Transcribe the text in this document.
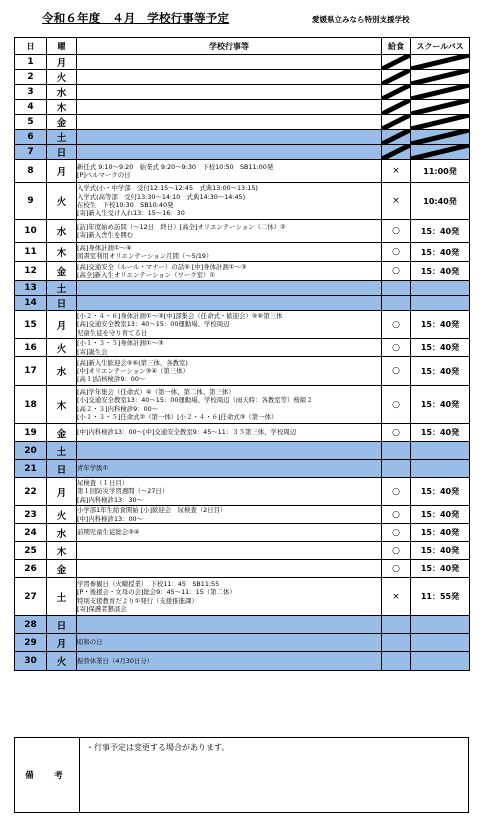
令和６年度　４月　学校行事等予定	愛媛県立みなら特別支援学校
日	曜	学校行事等	給食	スクールバス
1	月		

2	火		

3	水		

4	木		

5	金		

6	土		

7	日		

8	月	新任式 9:10～9:20　始業式 9:20～9:30　下校10:50　SB11:00発
[P]ベルマークの日	×	11:00発
9	火	入学式(小・中学部　受付12:15～12:45　式典13:00～13:15)
入学式(高等部　受付13:30～14:10　式典14:30～14:45)
在校生　下校10:30　SB10:40発
[寄]新入生受け入れ13：15～16：30	×	10:40発
10	水	[訪]年度始め訪問（～12日　終日）[高全]オリエンテーション（二休）②
[寄]新入舎生を囲む	○	15：40発
11	木	[高]身体計測①～⑥
図書室利用オリエンテーション月間（～5/19）	○	15：40発
12	金	[高]交通安全（ルール・マナー）の話⑤ [中]身体計測①～③
[高全]新入生オリエンテーション（ワーク室）①	○	15：40発
13	土			
14	日			
15	月	[小２・４・６]身体計測①～③[中]部集会（任命式・歓迎会）⑤⑥第三体
[高]交通安全教室13：40～15：00運動場、学校周辺
児童生徒を守り育てる日	○	15：40発
16	火	[小１・３・５]身体計測①～③
[寄]誕生会	○	15：40発
17	水	[高]新入生歓迎会⑤⑥(第三体、各教室)
[中]オリエンテーション③④（第三体）
[高１]結核検診9：00～	○	15：40発
18	木	[高]学年集会（任命式）④（第一体、第二体、第三体）
[小]交通安全教室13：40～15：00運動場、学校周辺（雨天時：各教室等）桜組２
[高２・３]内科検診9：00～
[小１・３・５]任命式②（第一体）[小２・４・６]任命式③（第一体）	○	15：40発
19	金	[中]内科検診13：00～[中]交通安全教室9：45～11：３５第三体、学校周辺	○	15：40発
20	土			
21	日	青年学級①		

22	月	尿検査（１日目）
第１回防災学習週間（～27日）
[高]内科検診13：30～	○	15：40発
23	火	小学部1年生給食開始 [小]歓迎会　尿検査（2日目）
[中]内科検診13：00～	○	15：40発
24	水	前期児童生徒総会③④	○	15：40発
25	木		○	15：40発
26	金		○	15：40発
27	土	学習参観日（火曜授業）　下校11：45　SB11:55
[P・後援会・文母の会]総会9：45～11：15（第二体）
特別支援教育だより①発行（支援推進課）
[寄]保護者懇談会	×	11：55発
28	日			
29	月	昭和の日		

30	火	振替休業日（4月30日分）		

備　考	・行事予定は変更する場合があります。
